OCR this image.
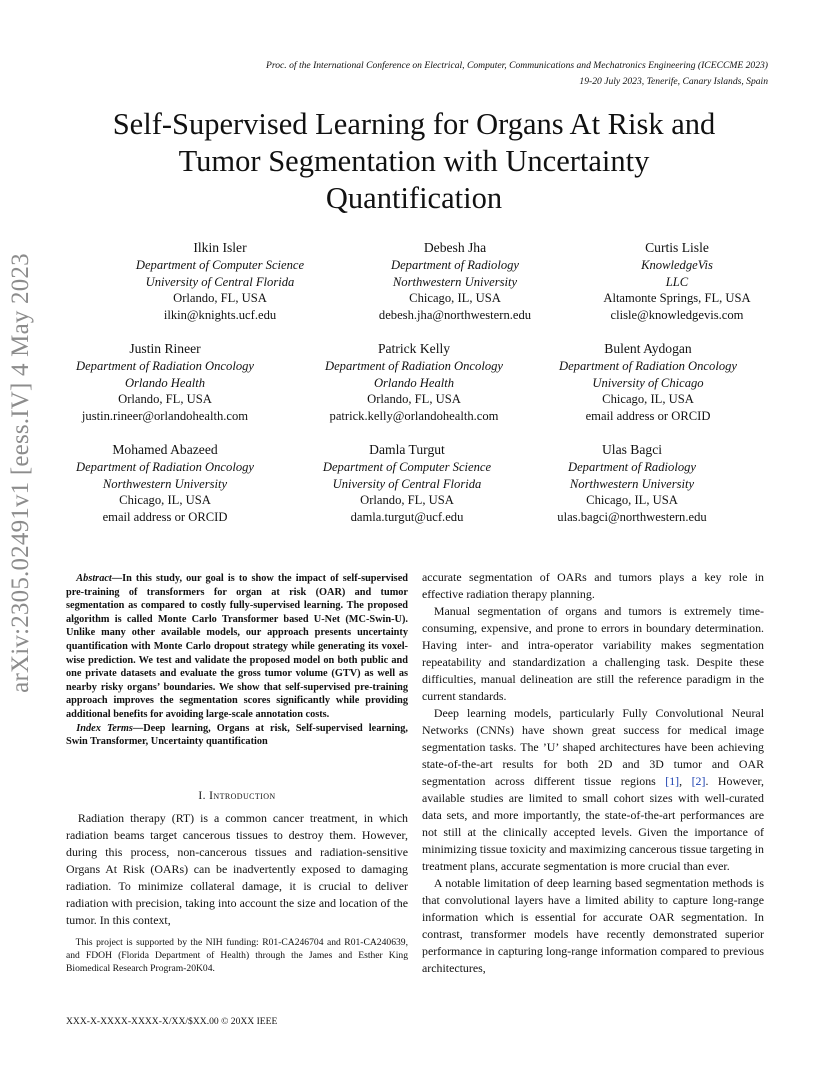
Proc. of the International Conference on Electrical, Computer, Communications and Mechatronics Engineering (ICECCME 2023)
19-20 July 2023, Tenerife, Canary Islands, Spain
Self-Supervised Learning for Organs At Risk and
Tumor Segmentation with Uncertainty
Quantification
arXiv:2305.02491v1 [eess.IV] 4 May 2023
Ilkin Isler
Department of Computer Science
University of Central Florida
Orlando, FL, USA
ilkin@knights.ucf.edu
Debesh Jha
Department of Radiology
Northwestern University
Chicago, IL, USA
debesh.jha@northwestern.edu
Curtis Lisle
KnowledgeVis
LLC
Altamonte Springs, FL, USA
clisle@knowledgevis.com
Justin Rineer
Department of Radiation Oncology
Orlando Health
Orlando, FL, USA
justin.rineer@orlandohealth.com
Patrick Kelly
Department of Radiation Oncology
Orlando Health
Orlando, FL, USA
patrick.kelly@orlandohealth.com
Bulent Aydogan
Department of Radiation Oncology
University of Chicago
Chicago, IL, USA
email address or ORCID
Mohamed Abazeed
Department of Radiation Oncology
Northwestern University
Chicago, IL, USA
email address or ORCID
Damla Turgut
Department of Computer Science
University of Central Florida
Orlando, FL, USA
damla.turgut@ucf.edu
Ulas Bagci
Department of Radiology
Northwestern University
Chicago, IL, USA
ulas.bagci@northwestern.edu

Abstract—In this study, our goal is to show the impact of self-supervised pre-training of transformers for organ at risk (OAR) and tumor segmentation as compared to costly fully-supervised learning. The proposed algorithm is called Monte Carlo Transformer based U-Net (MC-Swin-U). Unlike many other available models, our approach presents uncertainty quantification with Monte Carlo dropout strategy while generating its voxel-wise prediction. We test and validate the proposed model on both public and one private datasets and evaluate the gross tumor volume (GTV) as well as nearby risky organs’ boundaries. We show that self-supervised pre-training approach improves the segmentation scores significantly while providing additional benefits for avoiding large-scale annotation costs.

Index Terms—Deep learning, Organs at risk, Self-supervised learning, Swin Transformer, Uncertainty quantification

I. Introduction

Radiation therapy (RT) is a common cancer treatment, in which radiation beams target cancerous tissues to destroy them. However, during this process, non-cancerous tissues and radiation-sensitive Organs At Risk (OARs) can be inadvertently exposed to damaging radiation. To minimize collateral damage, it is crucial to deliver radiation with precision, taking into account the size and location of the tumor. In this context,

This project is supported by the NIH funding: R01-CA246704 and R01-CA240639, and FDOH (Florida Department of Health) through the James and Esther King Biomedical Research Program-20K04.
XXX-X-XXXX-XXXX-X/XX/$XX.00 © 20XX IEEE

accurate segmentation of OARs and tumors plays a key role in effective radiation therapy planning.

Manual segmentation of organs and tumors is extremely time-consuming, expensive, and prone to errors in boundary determination. Having inter- and intra-operator variability makes segmentation repeatability and standardization a challenging task. Despite these difficulties, manual delineation are still the reference paradigm in the current standards.

Deep learning models, particularly Fully Convolutional Neural Networks (CNNs) have shown great success for medical image segmentation tasks. The ’U’ shaped architectures have been achieving state-of-the-art results for both 2D and 3D tumor and OAR segmentation across different tissue regions [1], [2]. However, available studies are limited to small cohort sizes with well-curated data sets, and more importantly, the state-of-the-art performances are not still at the clinically accepted levels. Given the importance of minimizing tissue toxicity and maximizing cancerous tissue targeting in treatment plans, accurate segmentation is more crucial than ever.

A notable limitation of deep learning based segmentation methods is that convolutional layers have a limited ability to capture long-range information which is essential for accurate OAR segmentation. In contrast, transformer models have recently demonstrated superior performance in capturing long-range information compared to previous architectures,
